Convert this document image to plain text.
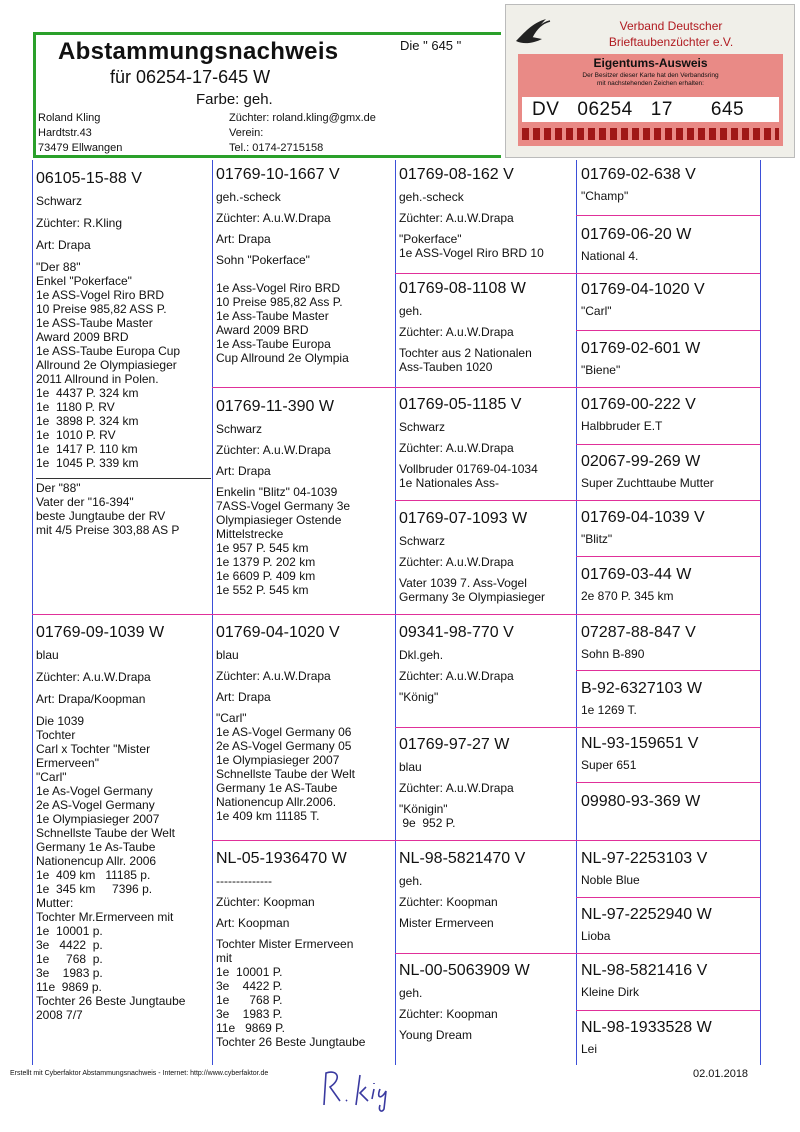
Abstammungsnachweis	Die " 645 "
für 06254-17-645 W
Farbe: geh.
Roland Kling
Hardtstr.43
73479 Ellwangen
Züchter: roland.kling@gmx.de
Verein:
Tel.: 0174-2715158
Verband Deutscher
Brieftaubenzüchter e.V.
Eigentums-Ausweis
Der Besitzer dieser Karte hat den Verbandsring
mit nachstehenden Zeichen erhalten:
DV 06254 17 645
06105-15-88 V
Schwarz
Züchter: R.Kling
Art: Drapa
"Der 88"
Enkel "Pokerface"
1e ASS-Vogel Riro BRD
10 Preise 985,82 ASS P.
1e ASS-Taube Master
Award 2009 BRD
1e ASS-Taube Europa Cup
Allround 2e Olympiasieger
2011 Allround in Polen.
1e  4437 P. 324 km
1e  1180 P. RV
1e  3898 P. 324 km
1e  1010 P. RV
1e  1417 P. 110 km
1e  1045 P. 339 km
Der "88"
Vater der "16-394"
beste Jungtaube der RV
mit 4/5 Preise 303,88 AS P
01769-09-1039 W
blau
Züchter: A.u.W.Drapa
Art: Drapa/Koopman
Die 1039
Tochter
Carl x Tochter "Mister
Ermerveen"
"Carl"
1e As-Vogel Germany
2e AS-Vogel Germany
1e Olympiasieger 2007
Schnellste Taube der Welt
Germany 1e As-Taube
Nationencup Allr. 2006
1e  409 km   11185 p.
1e  345 km     7396 p.
Mutter:
Tochter Mr.Ermerveen mit
1e  10001 p.
3e   4422  p.
1e     768  p.
3e    1983 p.
11e  9869 p.
Tochter 26 Beste Jungtaube
2008 7/7
01769-10-1667 V
geh.-scheck
Züchter: A.u.W.Drapa
Art: Drapa
Sohn "Pokerface"

1e Ass-Vogel Riro BRD
10 Preise 985,82 Ass P.
1e Ass-Taube Master
Award 2009 BRD
1e Ass-Taube Europa
Cup Allround 2e Olympia
01769-11-390 W
Schwarz
Züchter: A.u.W.Drapa
Art: Drapa
Enkelin "Blitz" 04-1039
7ASS-Vogel Germany 3e
Olympiasieger Ostende
Mittelstrecke
1e 957 P. 545 km
1e 1379 P. 202 km
1e 6609 P. 409 km
1e 552 P. 545 km
01769-04-1020 V
blau
Züchter: A.u.W.Drapa
Art: Drapa
"Carl"
1e AS-Vogel Germany 06
2e AS-Vogel Germany 05
1e Olympiasieger 2007
Schnellste Taube der Welt
Germany 1e AS-Taube
Nationencup Allr.2006.
1e 409 km 11185 T.
NL-05-1936470 W
--------------
Züchter: Koopman
Art: Koopman
Tochter Mister Ermerveen
mit
1e  10001 P.
3e    4422 P.
1e      768 P.
3e    1983 P.
11e   9869 P.
Tochter 26 Beste Jungtaube
01769-08-162 V
geh.-scheck
Züchter: A.u.W.Drapa
"Pokerface"
1e ASS-Vogel Riro BRD 10
01769-08-1108 W
geh.
Züchter: A.u.W.Drapa
Tochter aus 2 Nationalen
Ass-Tauben 1020
01769-05-1185 V
Schwarz
Züchter: A.u.W.Drapa
Vollbruder 01769-04-1034
1e Nationales Ass-
01769-07-1093 W
Schwarz
Züchter: A.u.W.Drapa
Vater 1039 7. Ass-Vogel
Germany 3e Olympiasieger
09341-98-770 V
Dkl.geh.
Züchter: A.u.W.Drapa
"König"
01769-97-27 W
blau
Züchter: A.u.W.Drapa
"Königin"
9e  952 P.
NL-98-5821470 V
geh.
Züchter: Koopman
Mister Ermerveen
NL-00-5063909 W
geh.
Züchter: Koopman
Young Dream
01769-02-638 V
"Champ"
01769-06-20 W
National 4.
01769-04-1020 V
"Carl"
01769-02-601 W
"Biene"
01769-00-222 V
Halbbruder E.T
02067-99-269 W
Super Zuchttaube Mutter
01769-04-1039 V
"Blitz"
01769-03-44 W
2e 870 P. 345 km
07287-88-847 V
Sohn B-890
B-92-6327103 W
1e 1269 T.
NL-93-159651 V
Super 651
09980-93-369 W
NL-97-2253103 V
Noble Blue
NL-97-2252940 W
Lioba
NL-98-5821416 V
Kleine Dirk
NL-98-1933528 W
Lei
Erstellt mit Cyberfaktor Abstammungsnachweis - Internet: http://www.cyberfaktor.de	02.01.2018
